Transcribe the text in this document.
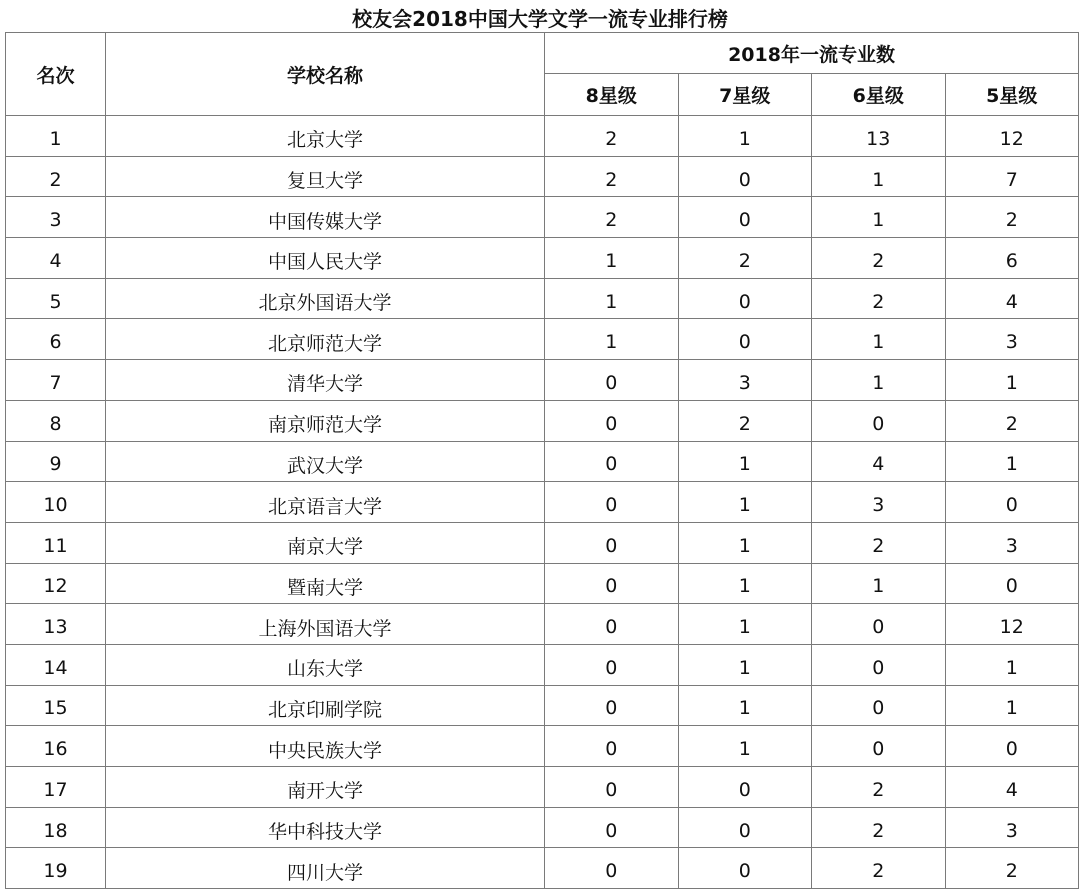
校友会2018中国大学文学一流专业排行榜
名次	学校名称	2018年一流专业数			
		8星级	7星级	6星级	5星级
1	北京大学	2	1	13	12
2	复旦大学	2	0	1	7
3	中国传媒大学	2	0	1	2
4	中国人民大学	1	2	2	6
5	北京外国语大学	1	0	2	4
6	北京师范大学	1	0	1	3
7	清华大学	0	3	1	1
8	南京师范大学	0	2	0	2
9	武汉大学	0	1	4	1
10	北京语言大学	0	1	3	0
11	南京大学	0	1	2	3
12	暨南大学	0	1	1	0
13	上海外国语大学	0	1	0	12
14	山东大学	0	1	0	1
15	北京印刷学院	0	1	0	1
16	中央民族大学	0	1	0	0
17	南开大学	0	0	2	4
18	华中科技大学	0	0	2	3
19	四川大学	0	0	2	2
